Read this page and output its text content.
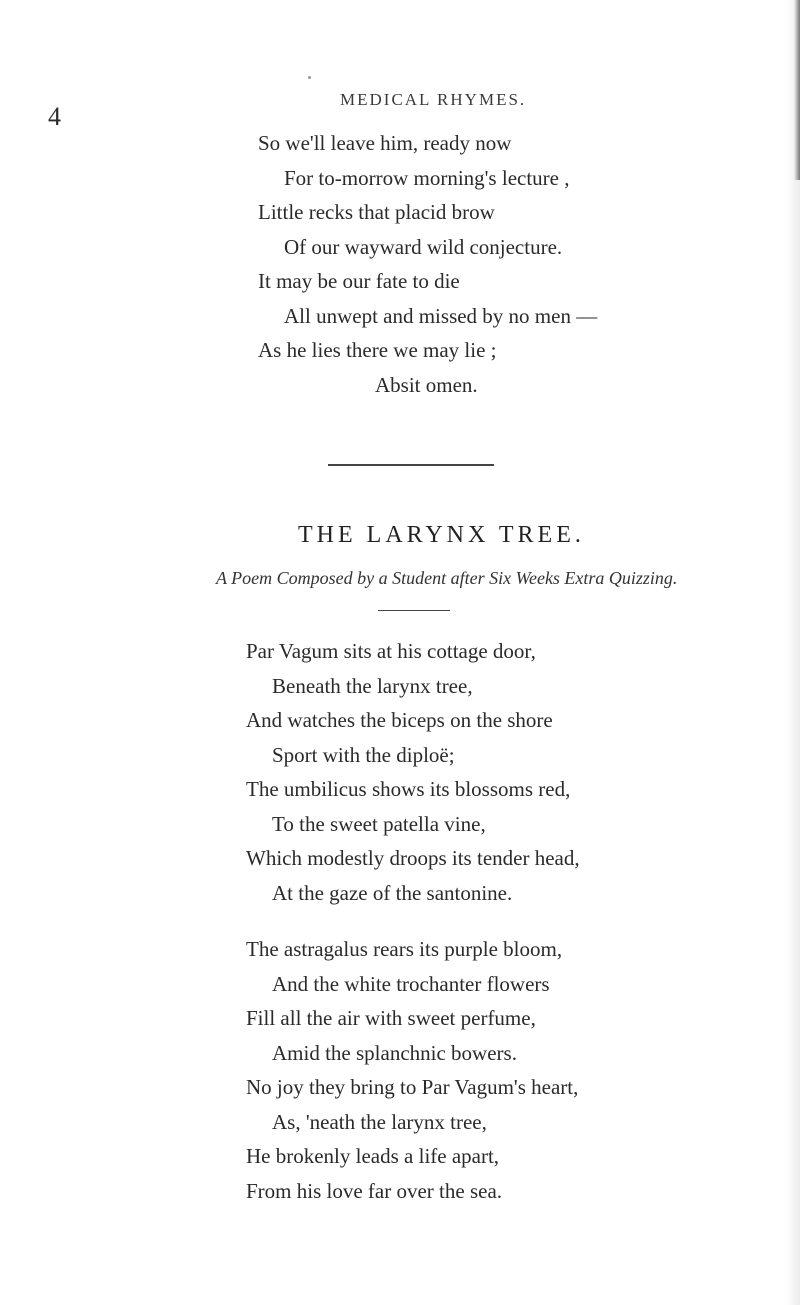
4
MEDICAL RHYMES.
So we'll leave him, ready now
For to-morrow morning's lecture ,
Little recks that placid brow
Of our wayward wild conjecture.
It may be our fate to die
All unwept and missed by no men —
As he lies there we may lie ;
Absit omen.
THE LARYNX TREE.
A Poem Composed by a Student after Six Weeks Extra Quizzing.
Par Vagum sits at his cottage door,
Beneath the larynx tree,
And watches the biceps on the shore
Sport with the diploë;
The umbilicus shows its blossoms red,
To the sweet patella vine,
Which modestly droops its tender head,
At the gaze of the santonine.
The astragalus rears its purple bloom,
And the white trochanter flowers
Fill all the air with sweet perfume,
Amid the splanchnic bowers.
No joy they bring to Par Vagum's heart,
As, 'neath the larynx tree,
He brokenly leads a life apart,
From his love far over the sea.
